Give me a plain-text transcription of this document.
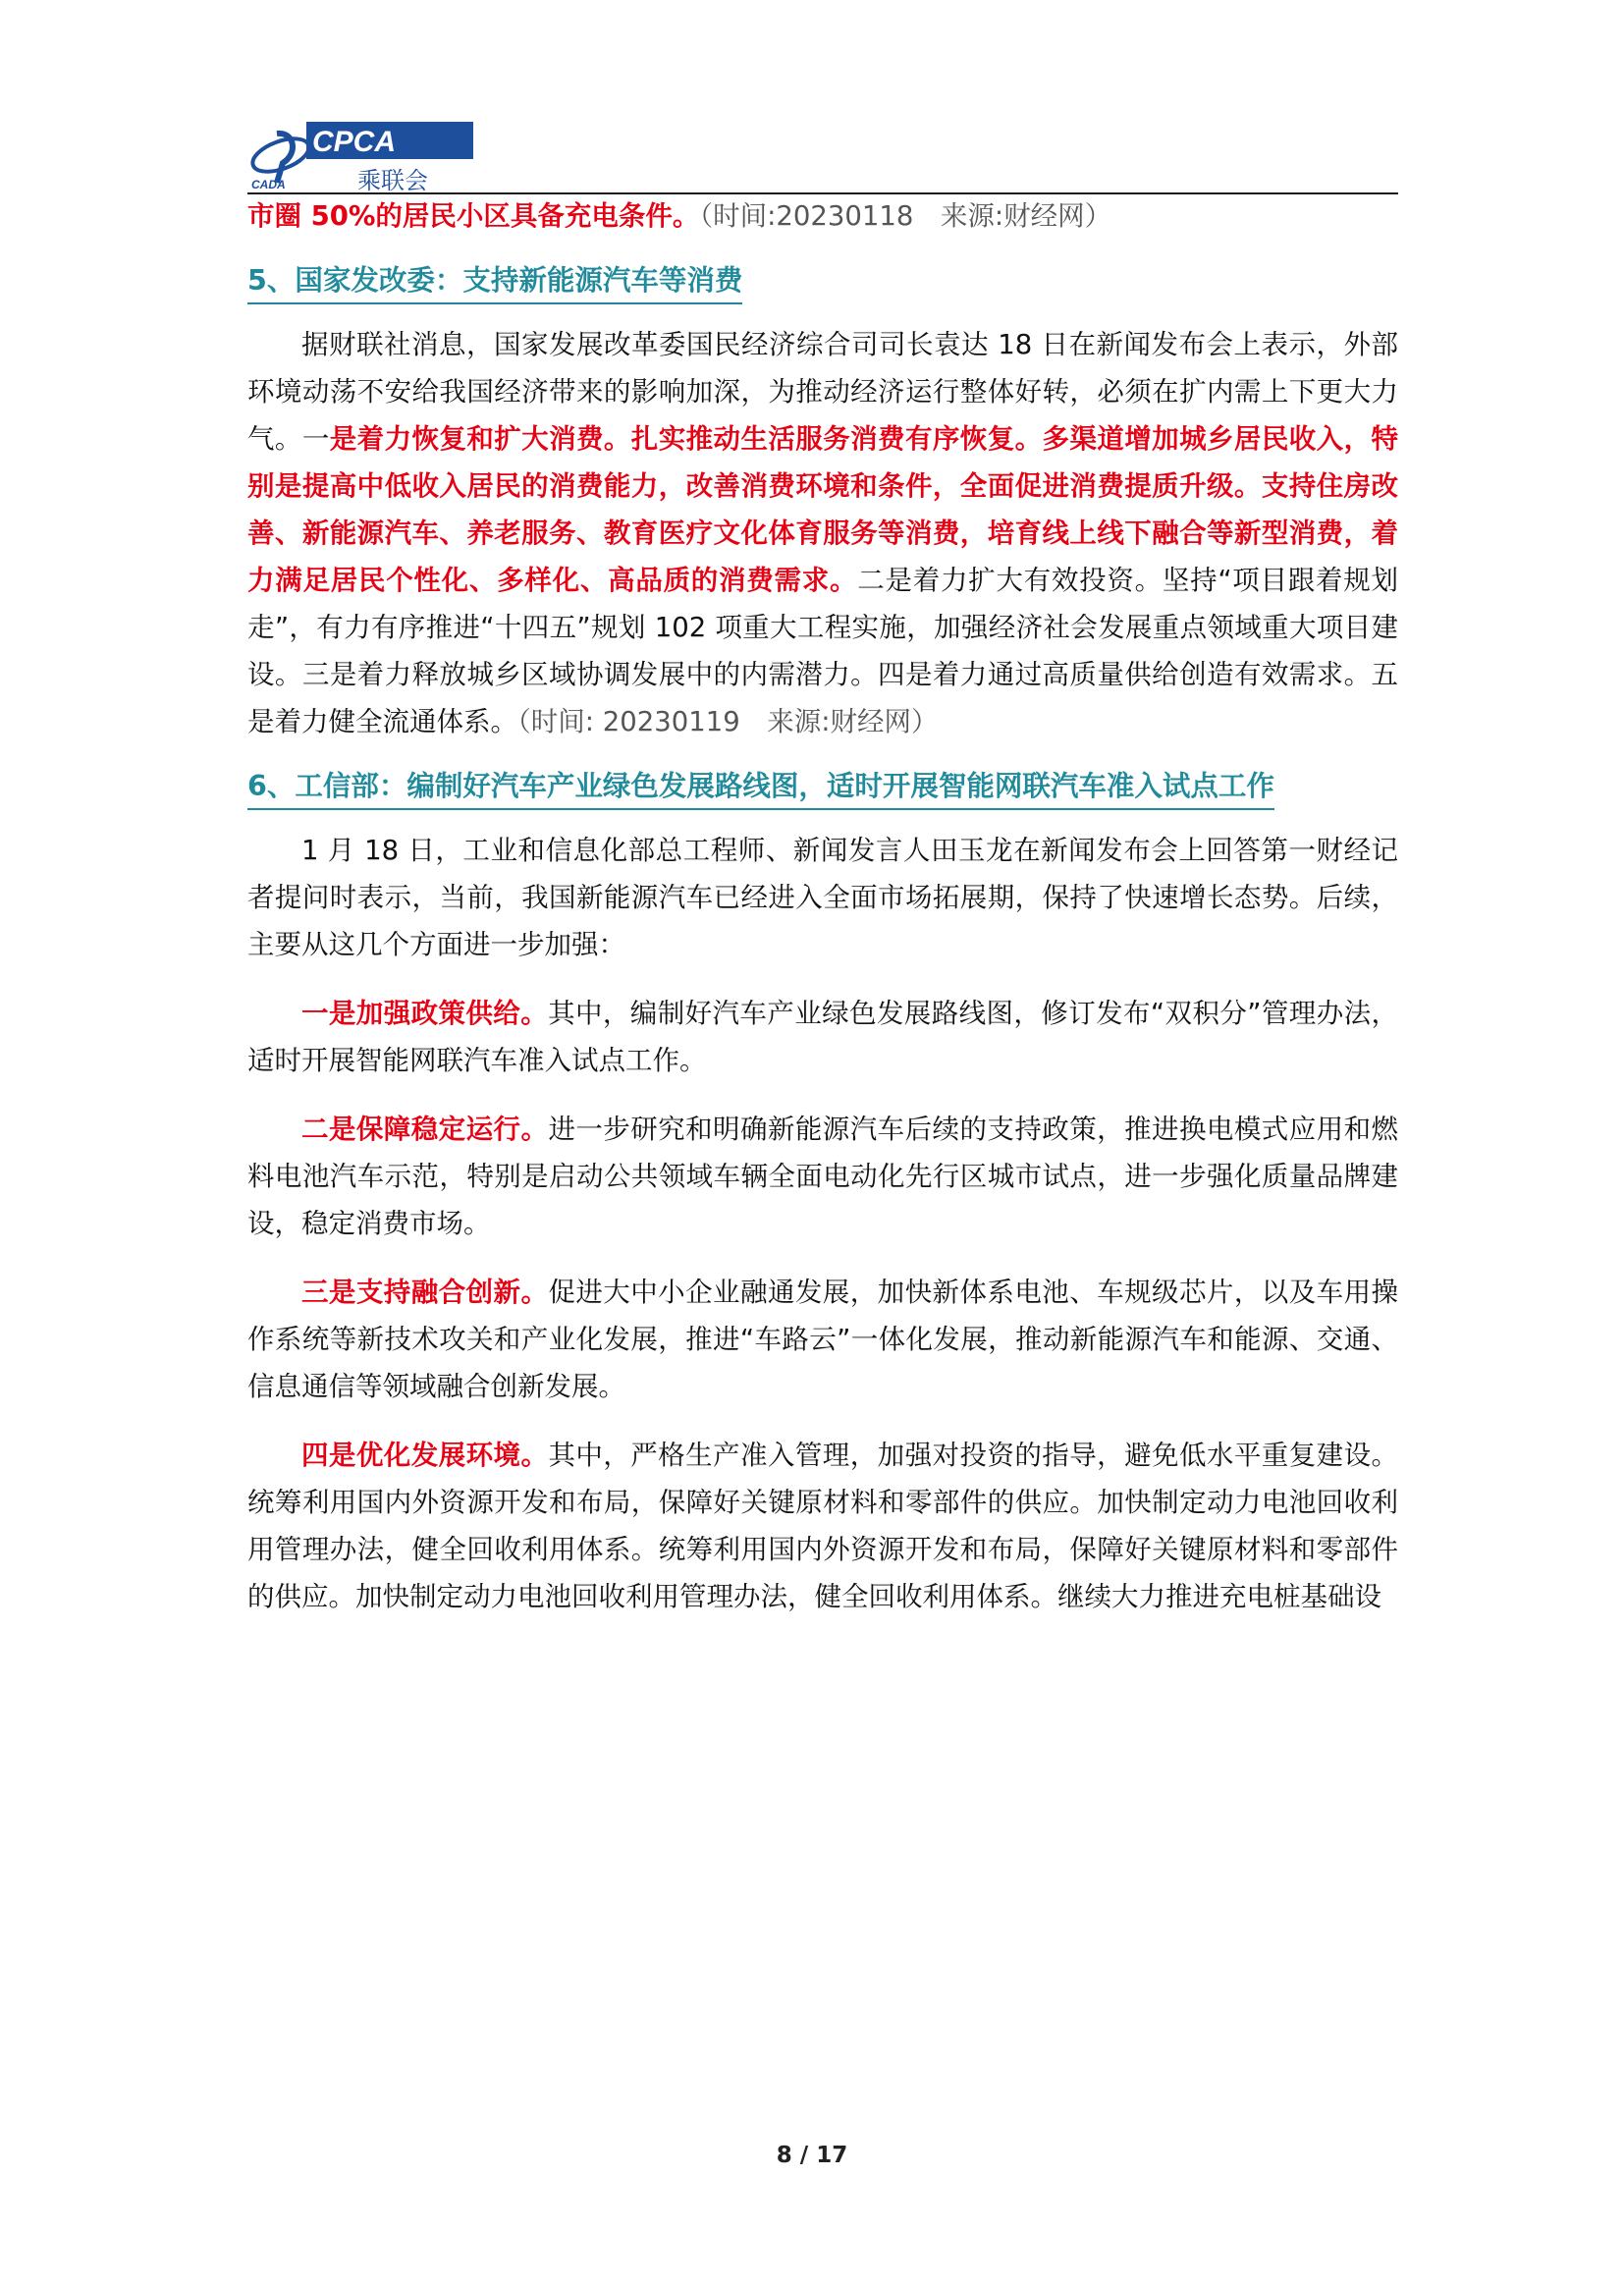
CPCA
CADA	乘联会

市圈 50%的居民小区具备充电条件。（时间:20230118　来源:财经网）

5、国家发改委：支持新能源汽车等消费

据财联社消息，国家发展改革委国民经济综合司司长袁达 18 日在新闻发布会上表示，外部环境动荡不安给我国经济带来的影响加深，为推动经济运行整体好转，必须在扩内需上下更大力气。一是着力恢复和扩大消费。扎实推动生活服务消费有序恢复。多渠道增加城乡居民收入，特别是提高中低收入居民的消费能力，改善消费环境和条件，全面促进消费提质升级。支持住房改善、新能源汽车、养老服务、教育医疗文化体育服务等消费，培育线上线下融合等新型消费，着力满足居民个性化、多样化、高品质的消费需求。二是着力扩大有效投资。坚持“项目跟着规划走”，有力有序推进“十四五”规划 102 项重大工程实施，加强经济社会发展重点领域重大项目建设。三是着力释放城乡区域协调发展中的内需潜力。四是着力通过高质量供给创造有效需求。五是着力健全流通体系。（时间: 20230119　来源:财经网）

6、工信部：编制好汽车产业绿色发展路线图，适时开展智能网联汽车准入试点工作

1 月 18 日，工业和信息化部总工程师、新闻发言人田玉龙在新闻发布会上回答第一财经记者提问时表示，当前，我国新能源汽车已经进入全面市场拓展期，保持了快速增长态势。后续，主要从这几个方面进一步加强：

一是加强政策供给。其中，编制好汽车产业绿色发展路线图，修订发布“双积分”管理办法，适时开展智能网联汽车准入试点工作。

二是保障稳定运行。进一步研究和明确新能源汽车后续的支持政策，推进换电模式应用和燃料电池汽车示范，特别是启动公共领域车辆全面电动化先行区城市试点，进一步强化质量品牌建设，稳定消费市场。

三是支持融合创新。促进大中小企业融通发展，加快新体系电池、车规级芯片，以及车用操作系统等新技术攻关和产业化发展，推进“车路云”一体化发展，推动新能源汽车和能源、交通、信息通信等领域融合创新发展。

四是优化发展环境。其中，严格生产准入管理，加强对投资的指导，避免低水平重复建设。统筹利用国内外资源开发和布局，保障好关键原材料和零部件的供应。加快制定动力电池回收利用管理办法，健全回收利用体系。统筹利用国内外资源开发和布局，保障好关键原材料和零部件的供应。加快制定动力电池回收利用管理办法，健全回收利用体系。继续大力推进充电桩基础设

8 / 17
